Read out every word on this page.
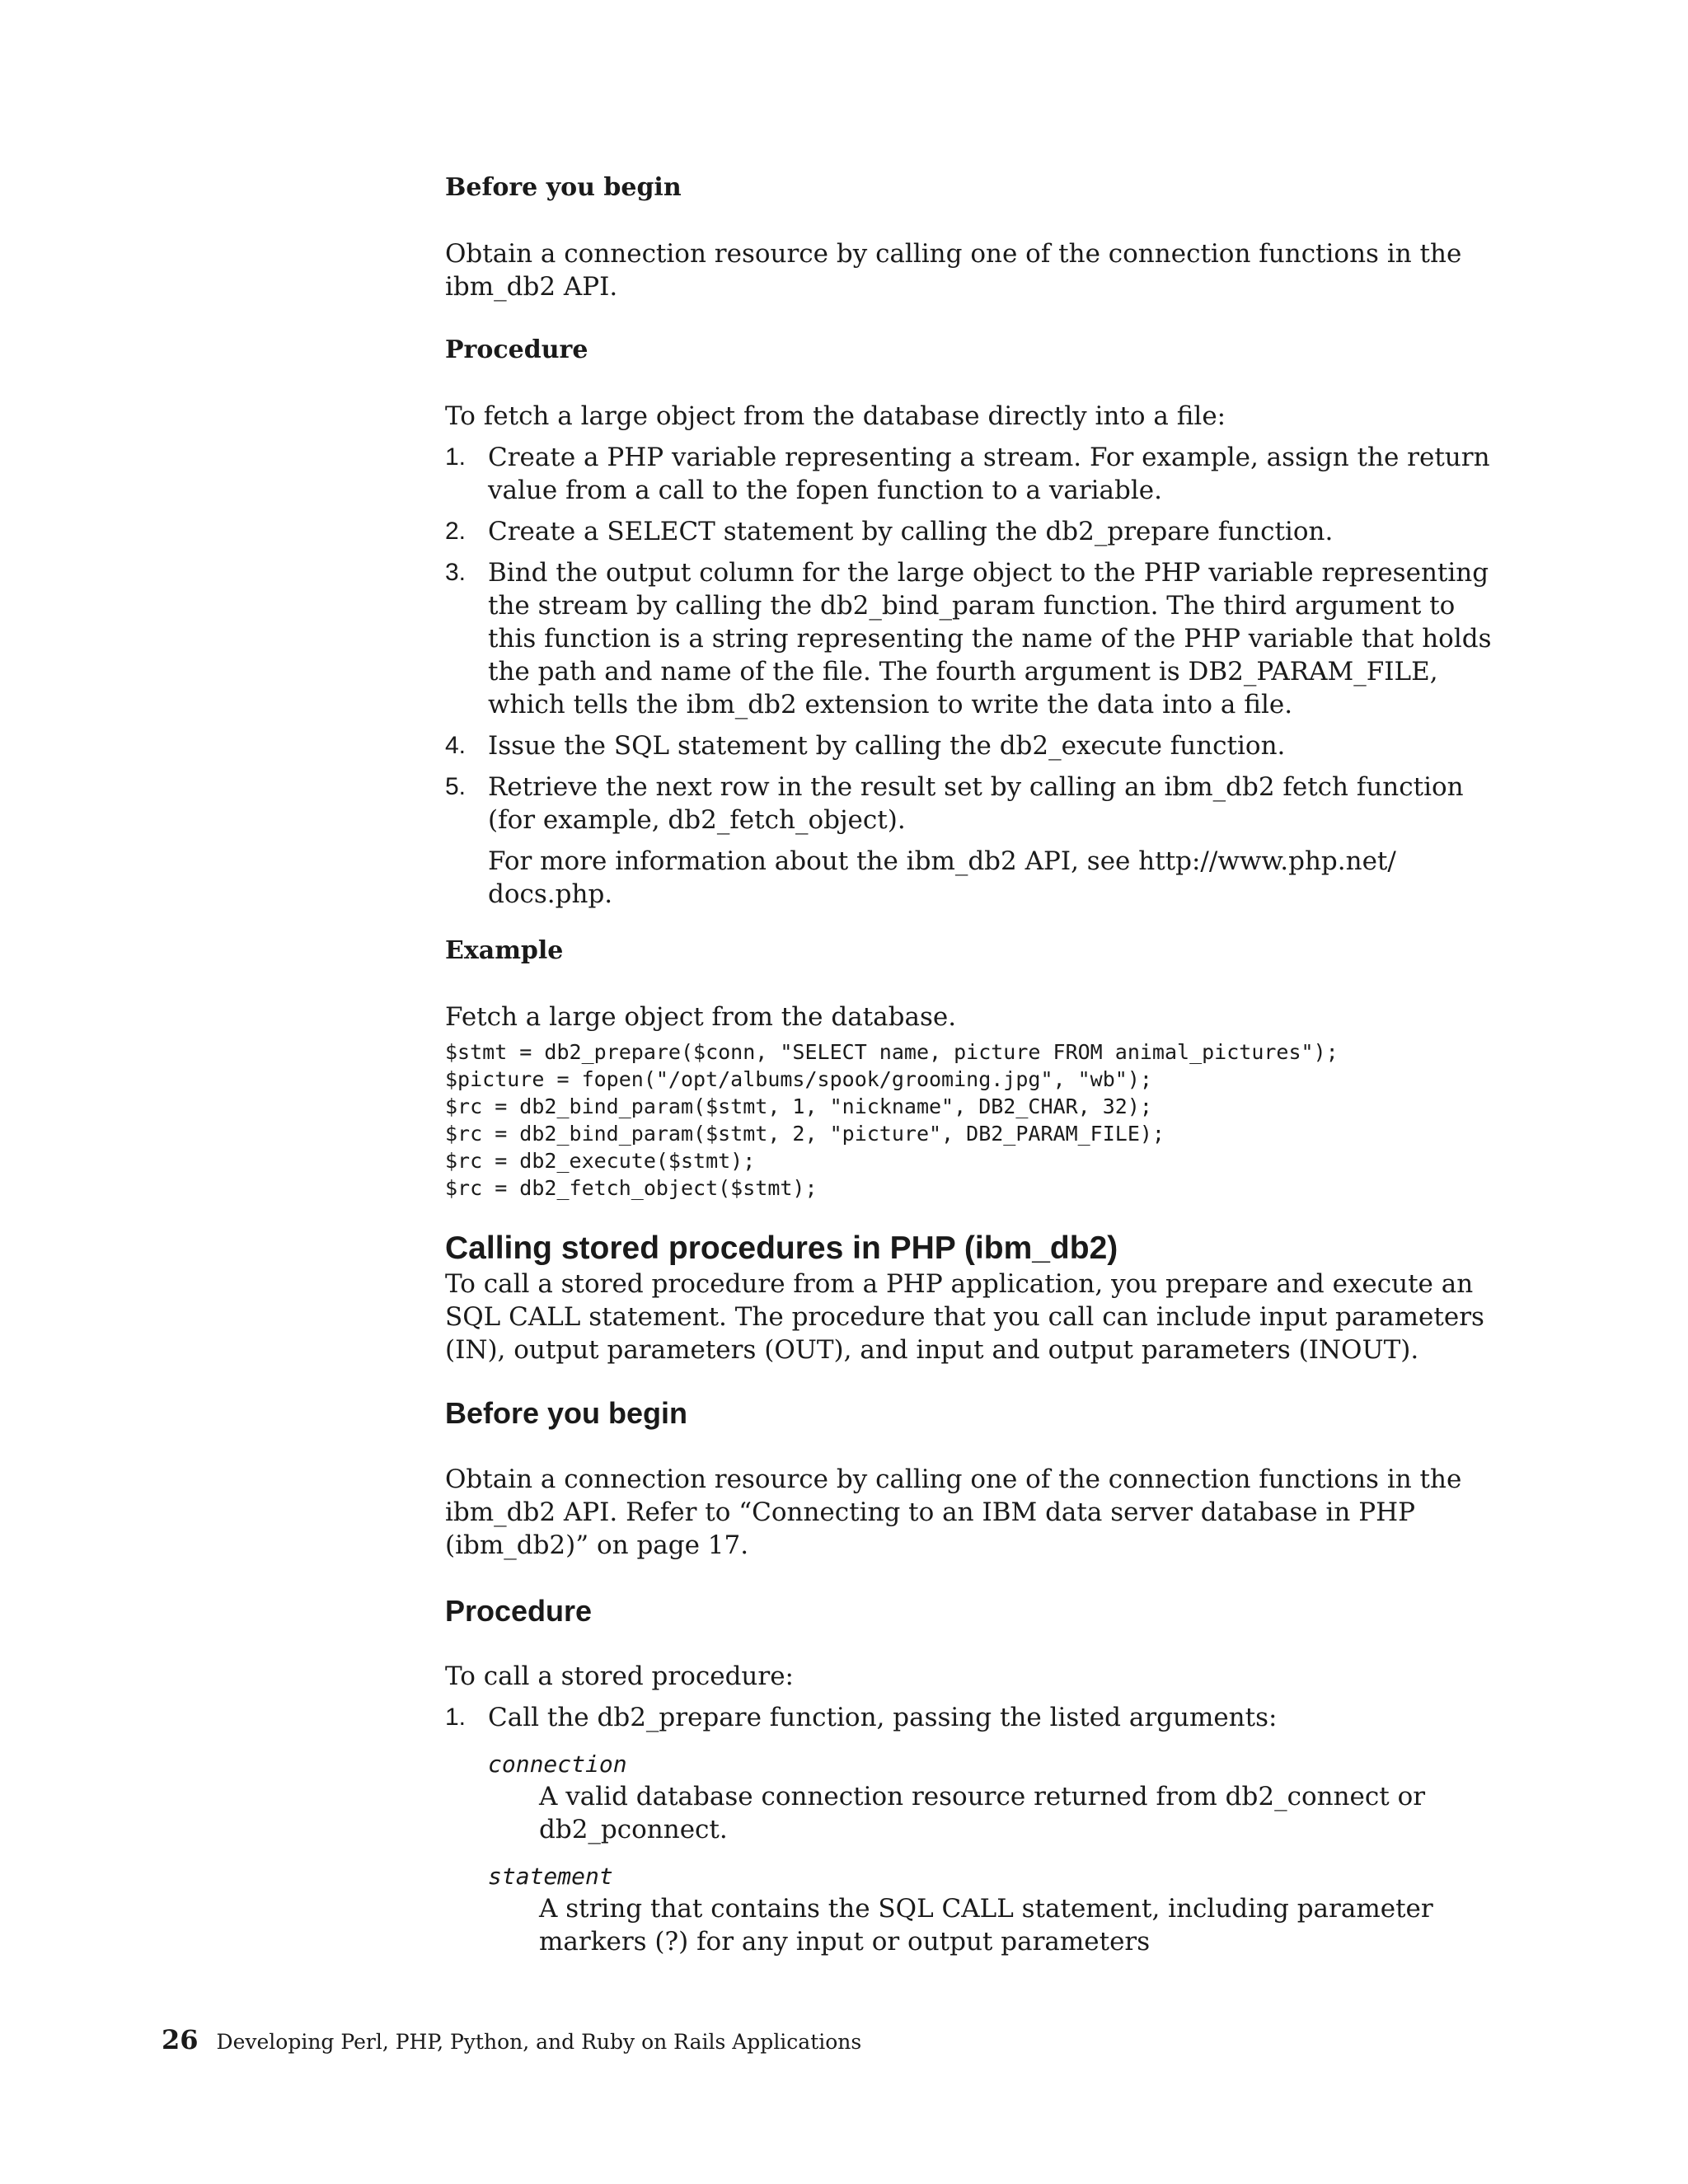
Before you begin

Obtain a connection resource by calling one of the connection functions in the ibm_db2 API.

Procedure

To fetch a large object from the database directly into a file:

1. Create a PHP variable representing a stream. For example, assign the return value from a call to the fopen function to a variable.
2. Create a SELECT statement by calling the db2_prepare function.
3. Bind the output column for the large object to the PHP variable representing the stream by calling the db2_bind_param function. The third argument to this function is a string representing the name of the PHP variable that holds the path and name of the file. The fourth argument is DB2_PARAM_FILE, which tells the ibm_db2 extension to write the data into a file.
4. Issue the SQL statement by calling the db2_execute function.
5. Retrieve the next row in the result set by calling an ibm_db2 fetch function (for example, db2_fetch_object).
For more information about the ibm_db2 API, see http://www.php.net/ docs.php.

Example

Fetch a large object from the database.

$stmt = db2_prepare($conn, "SELECT name, picture FROM animal_pictures");
$picture = fopen("/opt/albums/spook/grooming.jpg", "wb");
$rc = db2_bind_param($stmt, 1, "nickname", DB2_CHAR, 32);
$rc = db2_bind_param($stmt, 2, "picture", DB2_PARAM_FILE);
$rc = db2_execute($stmt);
$rc = db2_fetch_object($stmt);

Calling stored procedures in PHP (ibm_db2)

To call a stored procedure from a PHP application, you prepare and execute an SQL CALL statement. The procedure that you call can include input parameters (IN), output parameters (OUT), and input and output parameters (INOUT).

Before you begin

Obtain a connection resource by calling one of the connection functions in the ibm_db2 API. Refer to “Connecting to an IBM data server database in PHP (ibm_db2)” on page 17.

Procedure

To call a stored procedure:

1. Call the db2_prepare function, passing the listed arguments:
connection
A valid database connection resource returned from db2_connect or db2_pconnect.
statement
A string that contains the SQL CALL statement, including parameter markers (?) for any input or output parameters
26 Developing Perl, PHP, Python, and Ruby on Rails Applications
